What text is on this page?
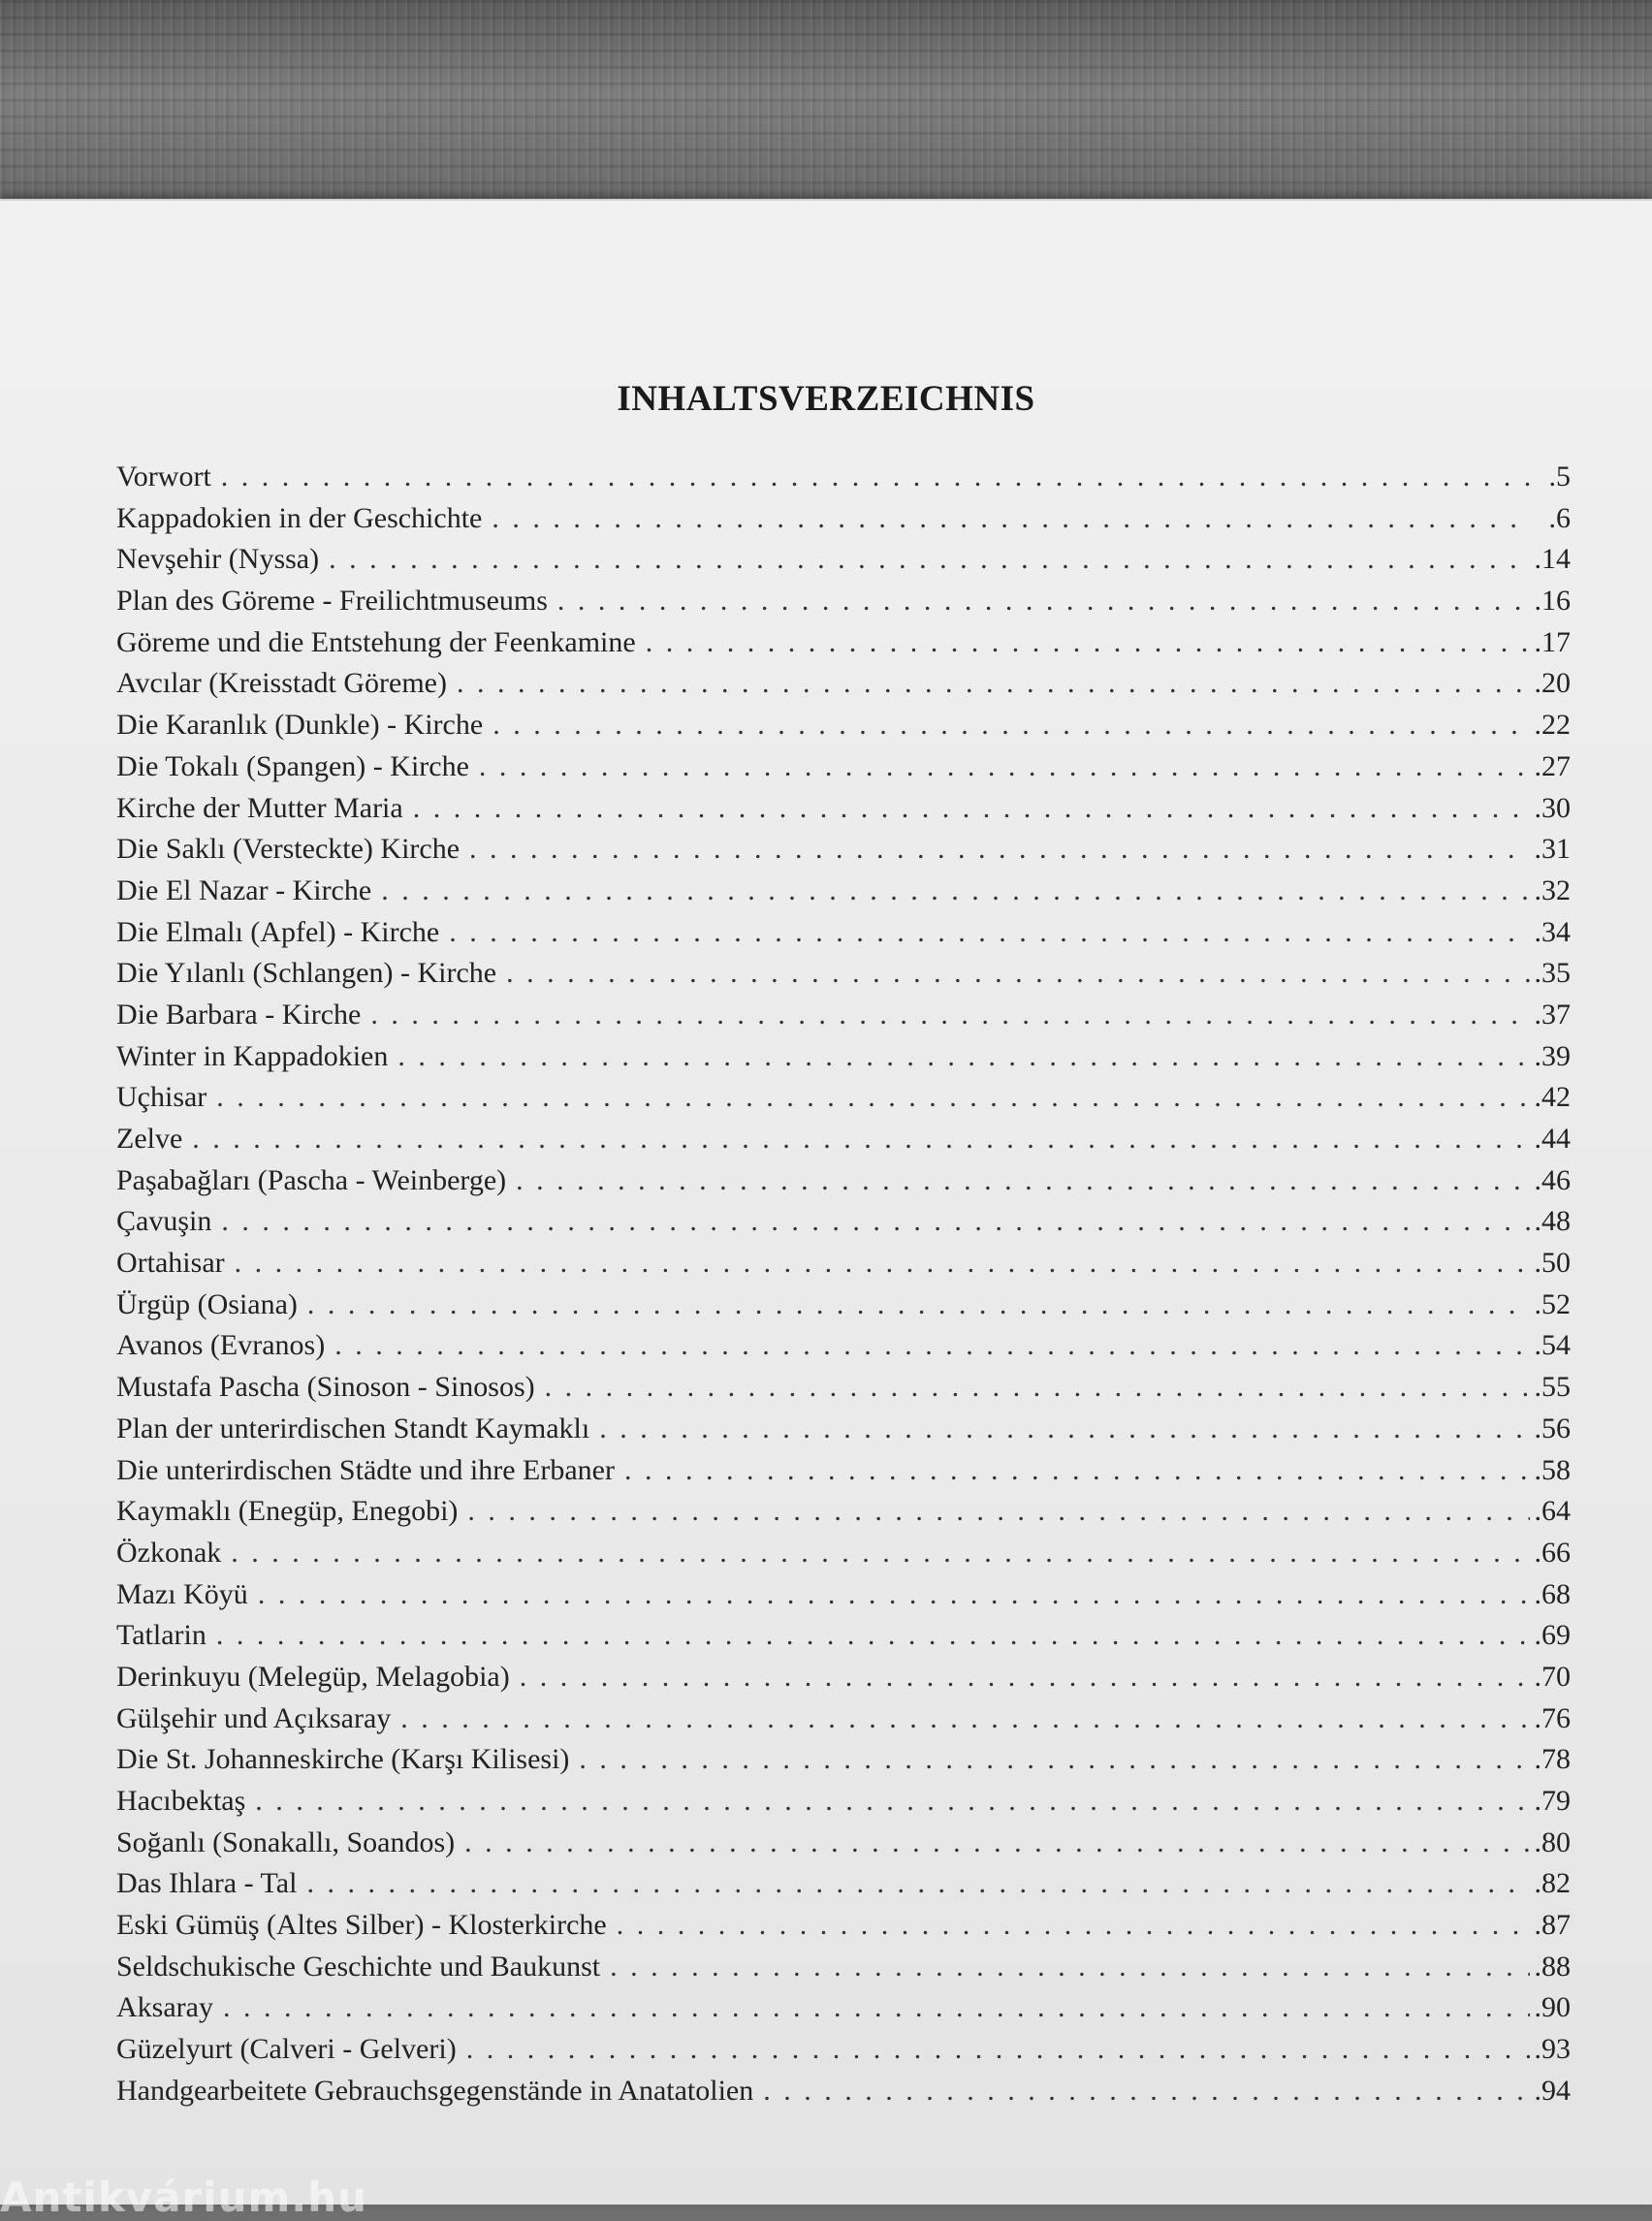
INHALTSVERZEICHNIS
Vorwort . . .	.5
Kappadokien in der Geschichte . . .	.6
Nevşehir (Nyssa) . . .	.14
Plan des Göreme - Freilichtmuseums . . .	.16
Göreme und die Entstehung der Feenkamine . . .	.17
Avcılar (Kreisstadt Göreme) . . .	.20
Die Karanlık (Dunkle) - Kirche . . .	.22
Die Tokalı (Spangen) - Kirche . . .	.27
Kirche der Mutter Maria . . .	.30
Die Saklı (Versteckte) Kirche . . .	.31
Die El Nazar - Kirche . . .	.32
Die Elmalı (Apfel) - Kirche . . .	.34
Die Yılanlı (Schlangen) - Kirche . . .	.35
Die Barbara - Kirche . . .	.37
Winter in Kappadokien . . .	.39
Uçhisar . . .	.42
Zelve . . .	.44
Paşabağları (Pascha - Weinberge) . . .	.46
Çavuşin . . .	.48
Ortahisar . . .	.50
Ürgüp (Osiana) . . .	.52
Avanos (Evranos) . . .	.54
Mustafa Pascha (Sinoson - Sinosos) . . .	.55
Plan der unterirdischen Standt Kaymaklı . . .	.56
Die unterirdischen Städte und ihre Erbaner . . .	.58
Kaymaklı (Enegüp, Enegobi) . . .	.64
Özkonak . . .	.66
Mazı Köyü . . .	.68
Tatlarin . . .	.69
Derinkuyu (Melegüp, Melagobia) . . .	.70
Gülşehir und Açıksaray . . .	.76
Die St. Johanneskirche (Karşı Kilisesi) . . .	.78
Hacıbektaş . . .	.79
Soğanlı (Sonakallı, Soandos) . . .	.80
Das Ihlara - Tal . . .	.82
Eski Gümüş (Altes Silber) - Klosterkirche . . .	.87
Seldschukische Geschichte und Baukunst . . .	.88
Aksaray . . .	.90
Güzelyurt (Calveri - Gelveri) . . .	.93
Handgearbeitete Gebrauchsgegenstände in Anatatolien . . .	.94
Antikvárium.hu
